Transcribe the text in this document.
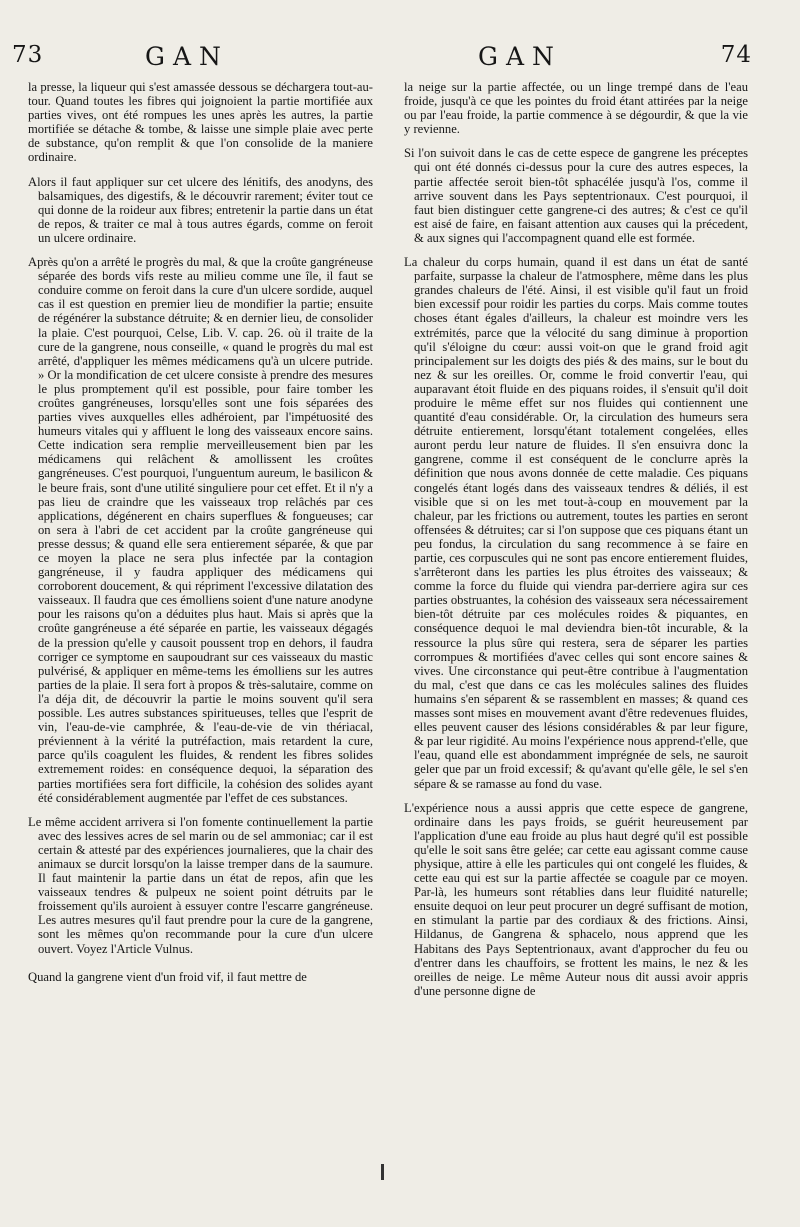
73	GAN	GAN	74

la presse, la liqueur qui s'est amassée dessous se déchargera tout-au-tour. Quand toutes les fibres qui joignoient la partie mortifiée aux parties vives, ont été rompues les unes après les autres, la partie mortifiée se détache & tombe, & laisse une simple plaie avec perte de substance, qu'on remplit & que l'on consolide de la maniere ordinaire.

Alors il faut appliquer sur cet ulcere des lénitifs, des anodyns, des balsamiques, des digestifs, & le découvrir rarement; éviter tout ce qui donne de la roideur aux fibres; entretenir la partie dans un état de repos, & traiter ce mal à tous autres égards, comme on feroit un ulcere ordinaire.

Après qu'on a arrêté le progrès du mal, & que la croûte gangréneuse séparée des bords vifs reste au milieu comme une île, il faut se conduire comme on feroit dans la cure d'un ulcere sordide, auquel cas il est question en premier lieu de mondifier la partie; ensuite de régénérer la substance détruite; & en dernier lieu, de consolider la plaie. C'est pourquoi, Celse, Lib. V. cap. 26. où il traite de la cure de la gangrene, nous conseille, « quand le progrès du mal est arrêté, d'appliquer les mêmes médicamens qu'à un ulcere putride. » Or la mondification de cet ulcere consiste à prendre des mesures le plus promptement qu'il est possible, pour faire tomber les croûtes gangréneuses, lorsqu'elles sont une fois séparées des parties vives auxquelles elles adhéroient, par l'impétuosité des humeurs vitales qui y affluent le long des vaisseaux encore sains. Cette indication sera remplie merveilleusement bien par les médicamens qui relâchent & amollissent les croûtes gangréneuses. C'est pourquoi, l'unguentum aureum, le basilicon & le beure frais, sont d'une utilité singuliere pour cet effet. Et il n'y a pas lieu de craindre que les vaisseaux trop relâchés par ces applications, dégénerent en chairs superflues & fongueuses; car on sera à l'abri de cet accident par la croûte gangréneuse qui presse dessus; & quand elle sera entierement séparée, & que par ce moyen la place ne sera plus infectée par la contagion gangréneuse, il y faudra appliquer des médicamens qui corroborent doucement, & qui répriment l'excessive dilatation des vaisseaux. Il faudra que ces émolliens soient d'une nature anodyne pour les raisons qu'on a déduites plus haut. Mais si après que la croûte gangréneuse a été séparée en partie, les vaisseaux dégagés de la pression qu'elle y causoit poussent trop en dehors, il faudra corriger ce symptome en saupoudrant sur ces vaisseaux du mastic pulvérisé, & appliquer en même-tems les émolliens sur les autres parties de la plaie. Il sera fort à propos & très-salutaire, comme on l'a déja dit, de découvrir la partie le moins souvent qu'il sera possible. Les autres substances spiritueuses, telles que l'esprit de vin, l'eau-de-vie camphrée, & l'eau-de-vie de vin thériacal, préviennent à la vérité la putréfaction, mais retardent la cure, parce qu'ils coagulent les fluides, & rendent les fibres solides extremement roides: en conséquence dequoi, la séparation des parties mortifiées sera fort difficile, la cohésion des solides ayant été considérablement augmentée par l'effet de ces substances.

Le même accident arrivera si l'on fomente continuellement la partie avec des lessives acres de sel marin ou de sel ammoniac; car il est certain & attesté par des expériences journalieres, que la chair des animaux se durcit lorsqu'on la laisse tremper dans de la saumure. Il faut maintenir la partie dans un état de repos, afin que les vaisseaux tendres & pulpeux ne soient point détruits par le froissement qu'ils auroient à essuyer contre l'escarre gangréneuse. Les autres mesures qu'il faut prendre pour la cure de la gangrene, sont les mêmes qu'on recommande pour la cure d'un ulcere ouvert. Voyez l'Article Vulnus.

Quand la gangrene vient d'un froid vif, il faut mettre de

la neige sur la partie affectée, ou un linge trempé dans de l'eau froide, jusqu'à ce que les pointes du froid étant attirées par la neige ou par l'eau froide, la partie commence à se dégourdir, & que la vie y revienne.

Si l'on suivoit dans le cas de cette espece de gangrene les préceptes qui ont été donnés ci-dessus pour la cure des autres especes, la partie affectée seroit bien-tôt sphacélée jusqu'à l'os, comme il arrive souvent dans les Pays septentrionaux. C'est pourquoi, il faut bien distinguer cette gangrene-ci des autres; & c'est ce qu'il est aisé de faire, en faisant attention aux causes qui la précedent, & aux signes qui l'accompagnent quand elle est formée.

La chaleur du corps humain, quand il est dans un état de santé parfaite, surpasse la chaleur de l'atmosphere, même dans les plus grandes chaleurs de l'été. Ainsi, il est visible qu'il faut un froid bien excessif pour roidir les parties du corps. Mais comme toutes choses étant égales d'ailleurs, la chaleur est moindre vers les extrémités, parce que la vélocité du sang diminue à proportion qu'il s'éloigne du cœur: aussi voit-on que le grand froid agit principalement sur les doigts des piés & des mains, sur le bout du nez & sur les oreilles. Or, comme le froid convertir l'eau, qui auparavant étoit fluide en des piquans roides, il s'ensuit qu'il doit produire le même effet sur nos fluides qui contiennent une quantité d'eau considérable. Or, la circulation des humeurs sera détruite entierement, lorsqu'étant totalement congelées, elles auront perdu leur nature de fluides. Il s'en ensuivra donc la gangrene, comme il est conséquent de le conclurre après la définition que nous avons donnée de cette maladie. Ces piquans congelés étant logés dans des vaisseaux tendres & déliés, il est visible que si on les met tout-à-coup en mouvement par la chaleur, par les frictions ou autrement, toutes les parties en seront offensées & détruites; car si l'on suppose que ces piquans étant un peu fondus, la circulation du sang recommence à se faire en partie, ces corpuscules qui ne sont pas encore entierement fluides, s'arrêteront dans les parties les plus étroites des vaisseaux; & comme la force du fluide qui viendra par-derriere agira sur ces parties obstruantes, la cohésion des vaisseaux sera nécessairement bien-tôt détruite par ces molécules roides & piquantes, en conséquence dequoi le mal deviendra bien-tôt incurable, & la ressource la plus sûre qui restera, sera de séparer les parties corrompues & mortifiées d'avec celles qui sont encore saines & vives. Une circonstance qui peut-être contribue à l'augmentation du mal, c'est que dans ce cas les molécules salines des fluides humains s'en séparent & se rassemblent en masses; & quand ces masses sont mises en mouvement avant d'être redevenues fluides, elles peuvent causer des lésions considérables & par leur figure, & par leur rigidité. Au moins l'expérience nous apprend-t'elle, que l'eau, quand elle est abondamment imprégnée de sels, ne sauroit geler que par un froid excessif; & qu'avant qu'elle gêle, le sel s'en sépare & se ramasse au fond du vase.

L'expérience nous a aussi appris que cette espece de gangrene, ordinaire dans les pays froids, se guérit heureusement par l'application d'une eau froide au plus haut degré qu'il est possible qu'elle le soit sans être gelée; car cette eau agissant comme cause physique, attire à elle les particules qui ont congelé les fluides, & cette eau qui est sur la partie affectée se coagule par ce moyen. Par-là, les humeurs sont rétablies dans leur fluidité naturelle; ensuite dequoi on leur peut procurer un degré suffisant de motion, en stimulant la partie par des cordiaux & des frictions. Ainsi, Hildanus, de Gangrena & sphacelo, nous apprend que les Habitans des Pays Septentrionaux, avant d'approcher du feu ou d'entrer dans les chauffoirs, se frottent les mains, le nez & les oreilles de neige. Le même Auteur nous dit aussi avoir appris d'une personne digne de
